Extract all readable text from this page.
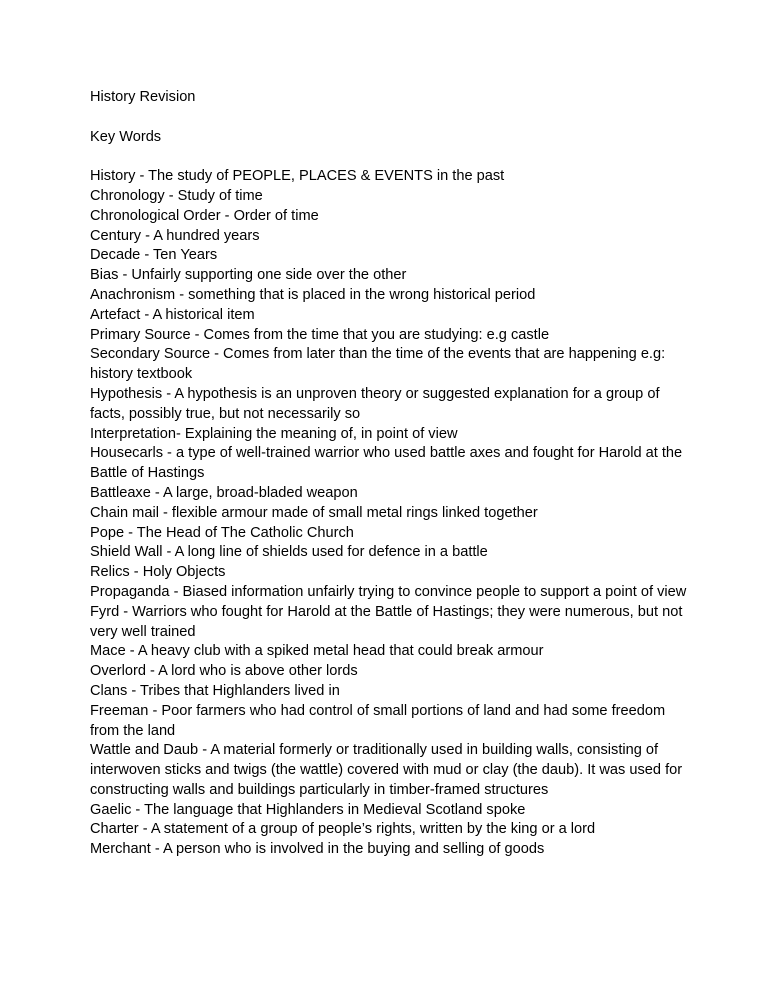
History Revision

Key Words

History - The study of PEOPLE, PLACES & EVENTS in the past

Chronology - Study of time

Chronological Order - Order of time

Century - A hundred years

Decade - Ten Years

Bias - Unfairly supporting one side over the other

Anachronism - something that is placed in the wrong historical period

Artefact - A historical item

Primary Source - Comes from the time that you are studying: e.g castle

Secondary Source - Comes from later than the time of the events that are happening e.g: history textbook

Hypothesis - A hypothesis is an unproven theory or suggested explanation for a group of facts, possibly true, but not necessarily so

Interpretation- Explaining the meaning of, in point of view

Housecarls - a type of well-trained warrior who used battle axes and fought for Harold at the Battle of Hastings

Battleaxe - A large, broad-bladed weapon

Chain mail - flexible armour made of small metal rings linked together

Pope - The Head of The Catholic Church

Shield Wall - A long line of shields used for defence in a battle

Relics - Holy Objects

Propaganda - Biased information unfairly trying to convince people to support a point of view

Fyrd - Warriors who fought for Harold at the Battle of Hastings; they were numerous, but not very well trained

Mace - A heavy club with a spiked metal head that could break armour

Overlord - A lord who is above other lords

Clans - Tribes that Highlanders lived in

Freeman - Poor farmers who had control of small portions of land and had some freedom from the land

Wattle and Daub - A material formerly or traditionally used in building walls, consisting of interwoven sticks and twigs (the wattle) covered with mud or clay (the daub). It was used for constructing walls and buildings particularly in timber-framed structures

Gaelic - The language that Highlanders in Medieval Scotland spoke

Charter - A statement of a group of people’s rights, written by the king or a lord

Merchant - A person who is involved in the buying and selling of goods
